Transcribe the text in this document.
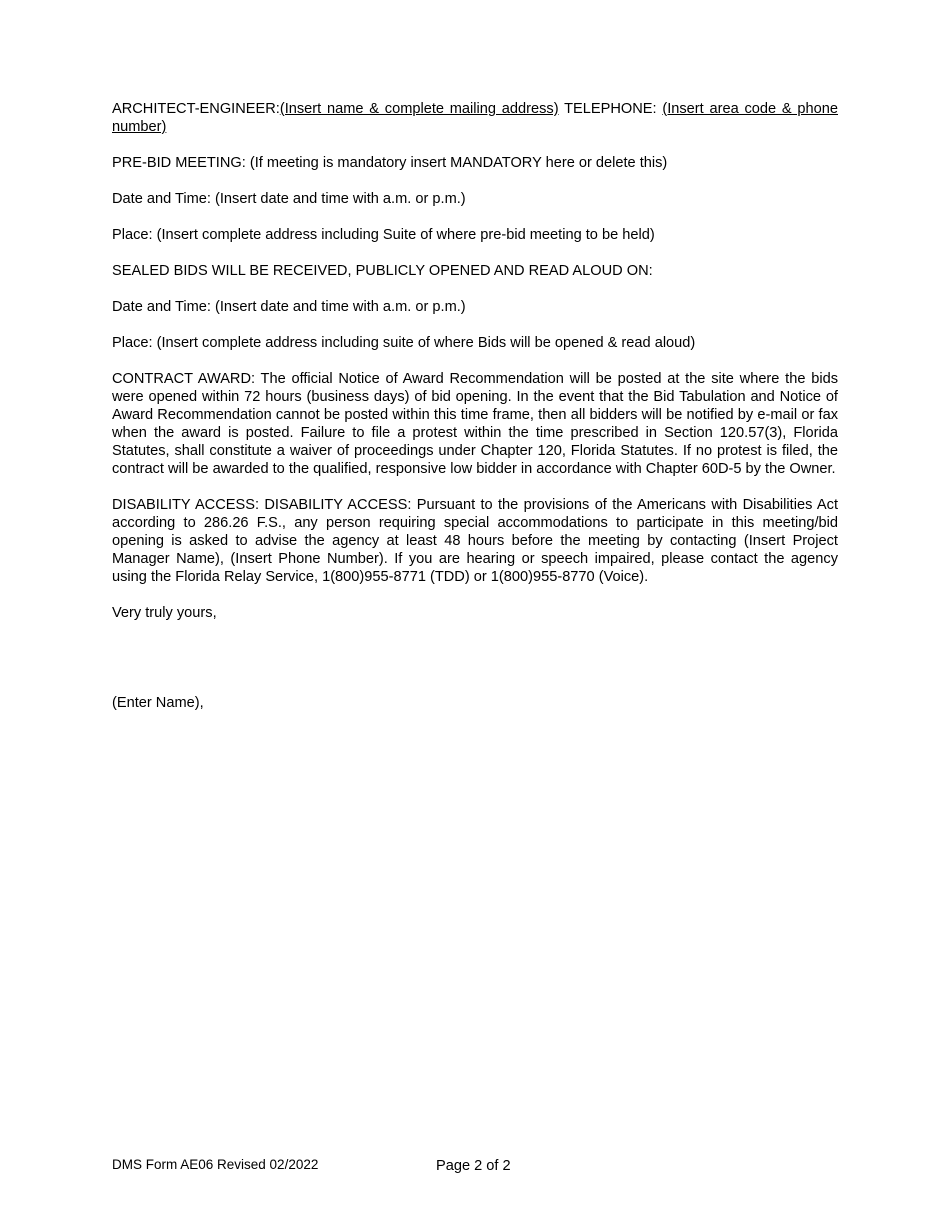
ARCHITECT-ENGINEER:(Insert name & complete mailing address) TELEPHONE: (Insert area code & phone number)

PRE-BID MEETING: (If meeting is mandatory insert MANDATORY here or delete this)

Date and Time: (Insert date and time with a.m. or p.m.)

Place: (Insert complete address including Suite of where pre-bid meeting to be held)

SEALED BIDS WILL BE RECEIVED, PUBLICLY OPENED AND READ ALOUD ON:

Date and Time: (Insert date and time with a.m. or p.m.)

Place: (Insert complete address including suite of where Bids will be opened & read aloud)

CONTRACT AWARD: The official Notice of Award Recommendation will be posted at the site where the bids were opened within 72 hours (business days) of bid opening. In the event that the Bid Tabulation and Notice of Award Recommendation cannot be posted within this time frame, then all bidders will be notified by e-mail or fax when the award is posted. Failure to file a protest within the time prescribed in Section 120.57(3), Florida Statutes, shall constitute a waiver of proceedings under Chapter 120, Florida Statutes. If no protest is filed, the contract will be awarded to the qualified, responsive low bidder in accordance with Chapter 60D-5 by the Owner.

DISABILITY ACCESS: DISABILITY ACCESS: Pursuant to the provisions of the Americans with Disabilities Act according to 286.26 F.S., any person requiring special accommodations to participate in this meeting/bid opening is asked to advise the agency at least 48 hours before the meeting by contacting (Insert Project Manager Name), (Insert Phone Number). If you are hearing or speech impaired, please contact the agency using the Florida Relay Service, 1(800)955-8771 (TDD) or 1(800)955-8770 (Voice).

Very truly yours,

(Enter Name),

DMS Form AE06 Revised 02/2022	Page 2 of 2
